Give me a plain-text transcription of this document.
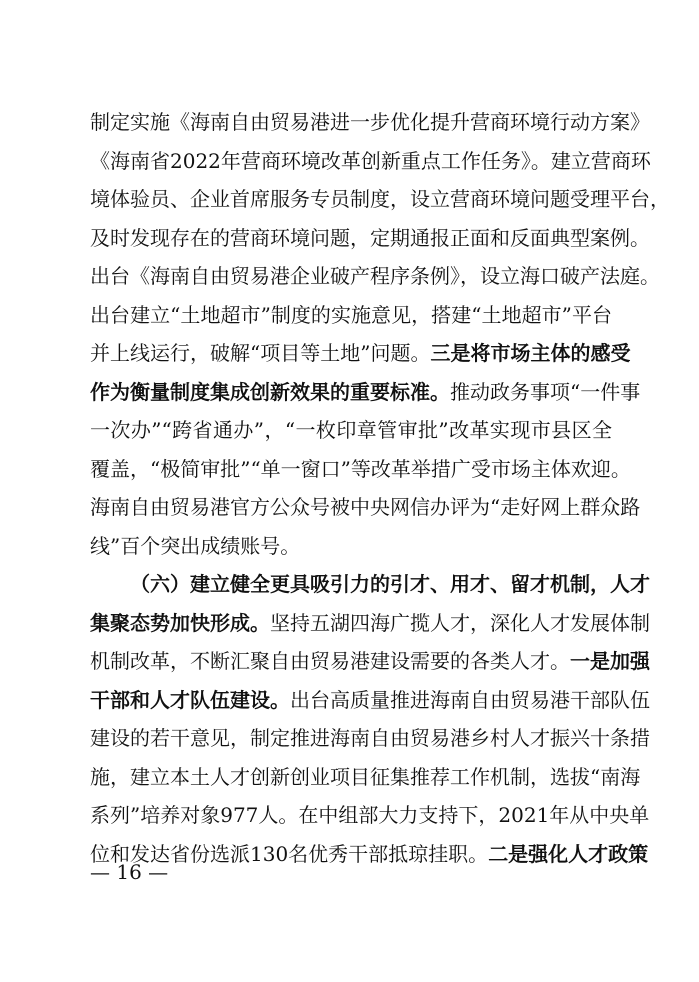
制定实施《海南自由贸易港进一步优化提升营商环境行动方案》
《海南省2022年营商环境改革创新重点工作任务》。建立营商环
境体验员、企业首席服务专员制度，设立营商环境问题受理平台，
及时发现存在的营商环境问题，定期通报正面和反面典型案例。
出台《海南自由贸易港企业破产程序条例》，设立海口破产法庭。
出台建立“土地超市”制度的实施意见，搭建“土地超市”平台
并上线运行，破解“项目等土地”问题。三是将市场主体的感受
作为衡量制度集成创新效果的重要标准。推动政务事项“一件事
一次办”“跨省通办”，“一枚印章管审批”改革实现市县区全
覆盖，“极简审批”“单一窗口”等改革举措广受市场主体欢迎。
海南自由贸易港官方公众号被中央网信办评为“走好网上群众路
线”百个突出成绩账号。
（六）建立健全更具吸引力的引才、用才、留才机制，人才
集聚态势加快形成。坚持五湖四海广揽人才，深化人才发展体制
机制改革，不断汇聚自由贸易港建设需要的各类人才。一是加强
干部和人才队伍建设。出台高质量推进海南自由贸易港干部队伍
建设的若干意见，制定推进海南自由贸易港乡村人才振兴十条措
施，建立本土人才创新创业项目征集推荐工作机制，选拔“南海
系列”培养对象977人。在中组部大力支持下，2021年从中央单
位和发达省份选派130名优秀干部抵琼挂职。二是强化人才政策
— 16 —
